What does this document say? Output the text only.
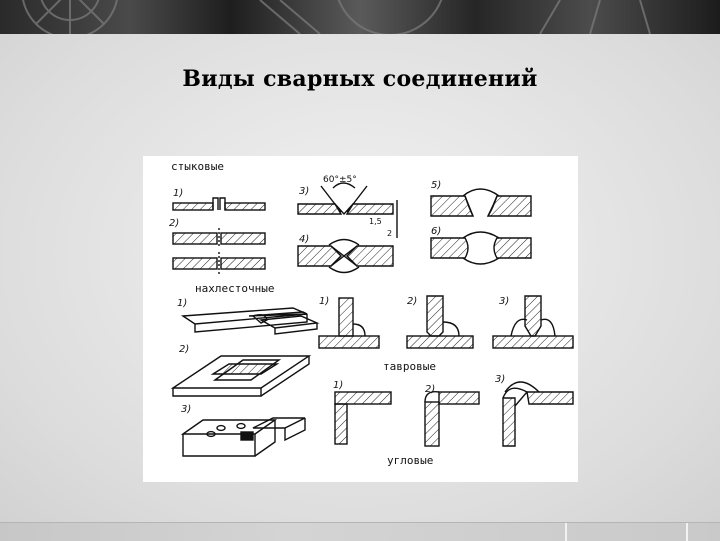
Виды сварных соединений
стыковые
1)
2)
3)
60°±5°
1,5
2
4)
5)
6)
нахлесточные
1)
2)
3)
1)	2)	3)
тавровые
1)	2)
3)
угловые
